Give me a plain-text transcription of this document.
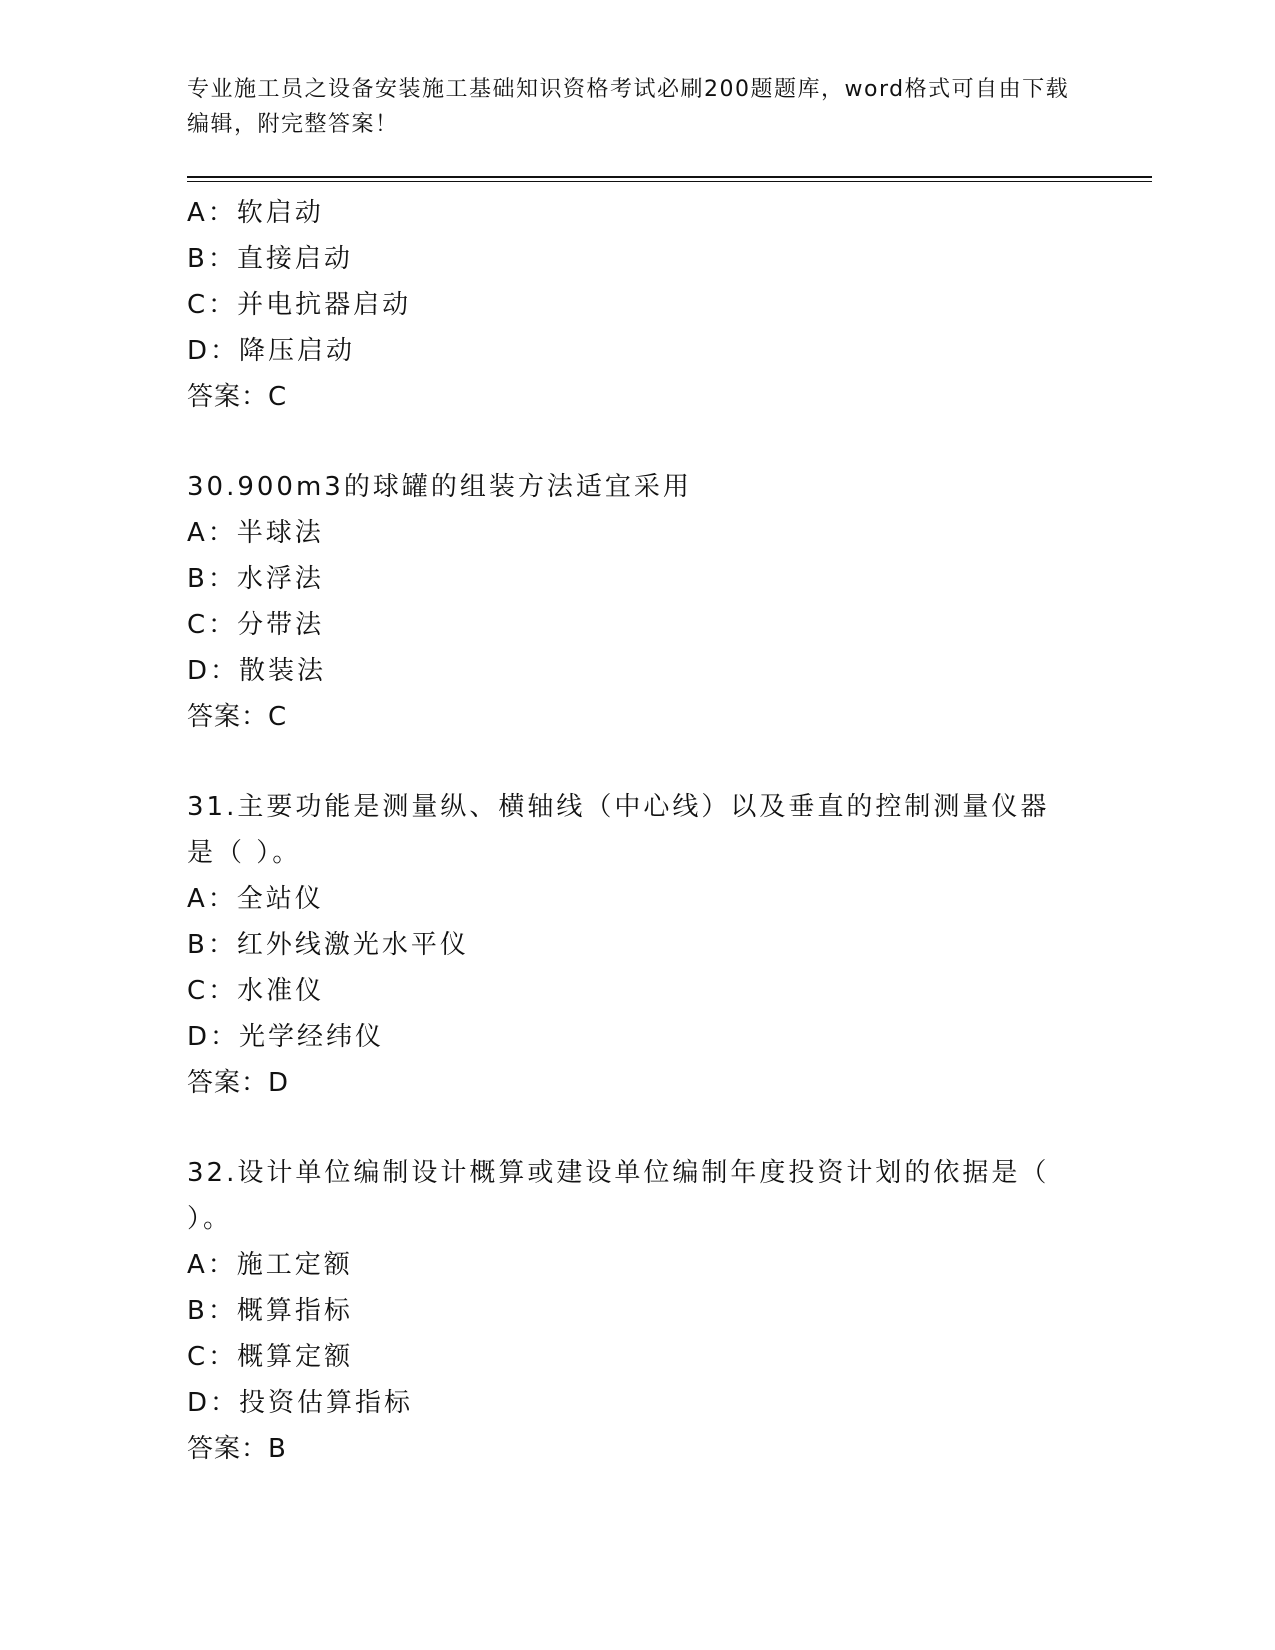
专业施工员之设备安装施工基础知识资格考试必刷200题题库，word格式可自由下载编辑，附完整答案！
A：软启动
B：直接启动
C：并电抗器启动
D：降压启动
答案：C
30.900m3的球罐的组装方法适宜采用
A：半球法
B：水浮法
C：分带法
D：散装法
答案：C
31.主要功能是测量纵、横轴线（中心线）以及垂直的控制测量仪器是（ ）。
A：全站仪
B：红外线激光水平仪
C：水准仪
D：光学经纬仪
答案：D
32.设计单位编制设计概算或建设单位编制年度投资计划的依据是（ ）。
A：施工定额
B：概算指标
C：概算定额
D：投资估算指标
答案：B
